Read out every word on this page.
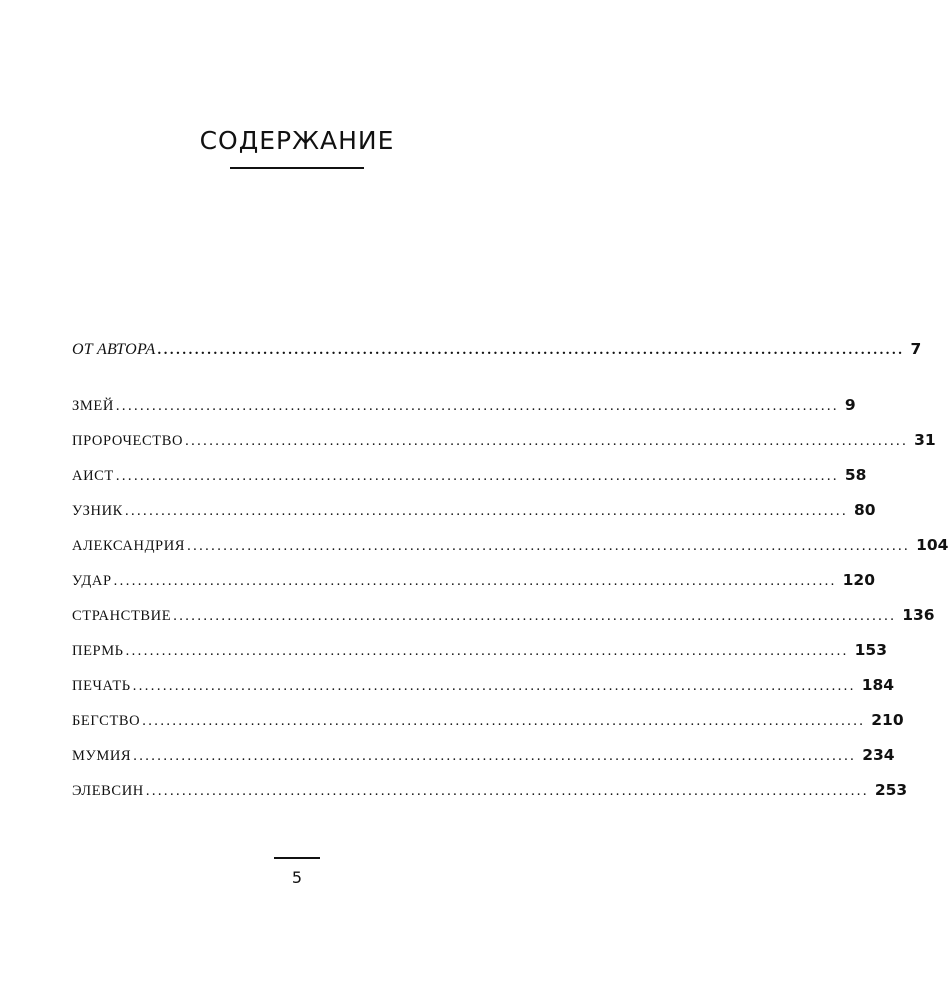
СОДЕРЖАНИЕ
ОТ АВТОРА ........................................................................................................................ 7
ЗМЕЙ ........................................................................................................................ 9
ПРОРОЧЕСТВО ........................................................................................................................ 31
АИСТ ........................................................................................................................ 58
УЗНИК ........................................................................................................................ 80
АЛЕКСАНДРИЯ ........................................................................................................................ 104
УДАР ........................................................................................................................ 120
СТРАНСТВИЕ ........................................................................................................................ 136
ПЕРМЬ ........................................................................................................................ 153
ПЕЧАТЬ ........................................................................................................................ 184
БЕГСТВО ........................................................................................................................ 210
МУМИЯ ........................................................................................................................ 234
ЭЛЕВСИН ........................................................................................................................ 253
5
